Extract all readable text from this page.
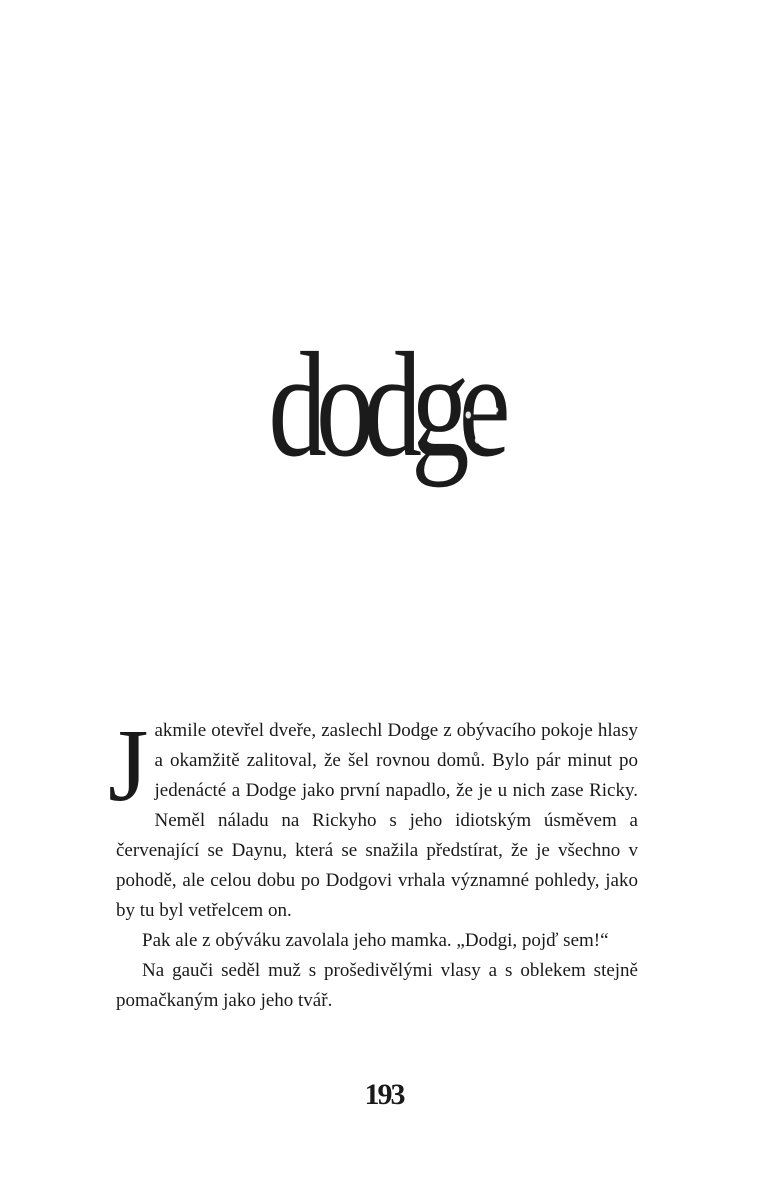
dodge

J akmile otevřel dveře, zaslechl Dodge z obývacího pokoje hlasy a okamžitě zalitoval, že šel rovnou domů. Bylo pár minut po jedenácté a Dodge jako první napadlo, že je u nich zase Ricky. Neměl náladu na Rickyho s jeho idiotským úsměvem a červenající se Daynu, která se snažila předstírat, že je všechno v pohodě, ale celou dobu po Dodgovi vrhala významné pohledy, jako by tu byl vetřelcem on.

Pak ale z obýváku zavolala jeho mamka. „Dodgi, pojď sem!“

Na gauči seděl muž s prošedivělými vlasy a s oblekem stejně pomačkaným jako jeho tvář.

193
